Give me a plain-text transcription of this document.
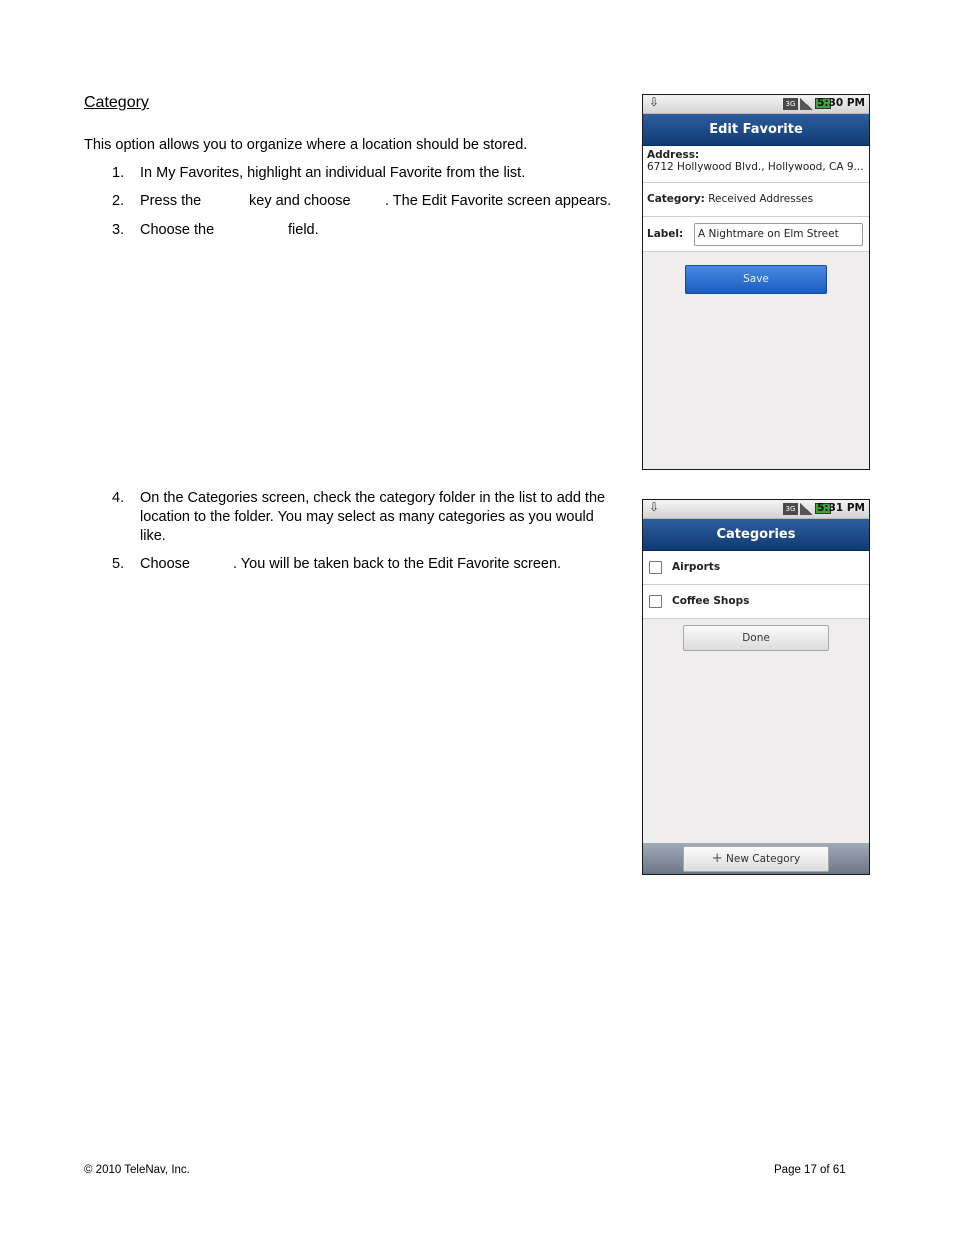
Category
This option allows you to organize where a location should be stored.
1. In My Favorites, highlight an individual Favorite from the list.
2. Press the	key and choose . The Edit Favorite screen appears.
3. Choose the	field.
4. On the Categories screen, check the category folder in the list to add the location to the folder. You may select as many categories as you would like.
5. Choose	. You will be taken back to the Edit Favorite screen.
⇩	3G 5:30 PM
Edit Favorite
Address:
6712 Hollywood Blvd., Hollywood, CA 9...
Category: Received Addresses
Label:	A Nightmare on Elm Street
Save
⇩	3G 5:31 PM
Categories
Airports
Coffee Shops
Done
+ New Category
© 2010 TeleNav, Inc.	Page 17 of 61
